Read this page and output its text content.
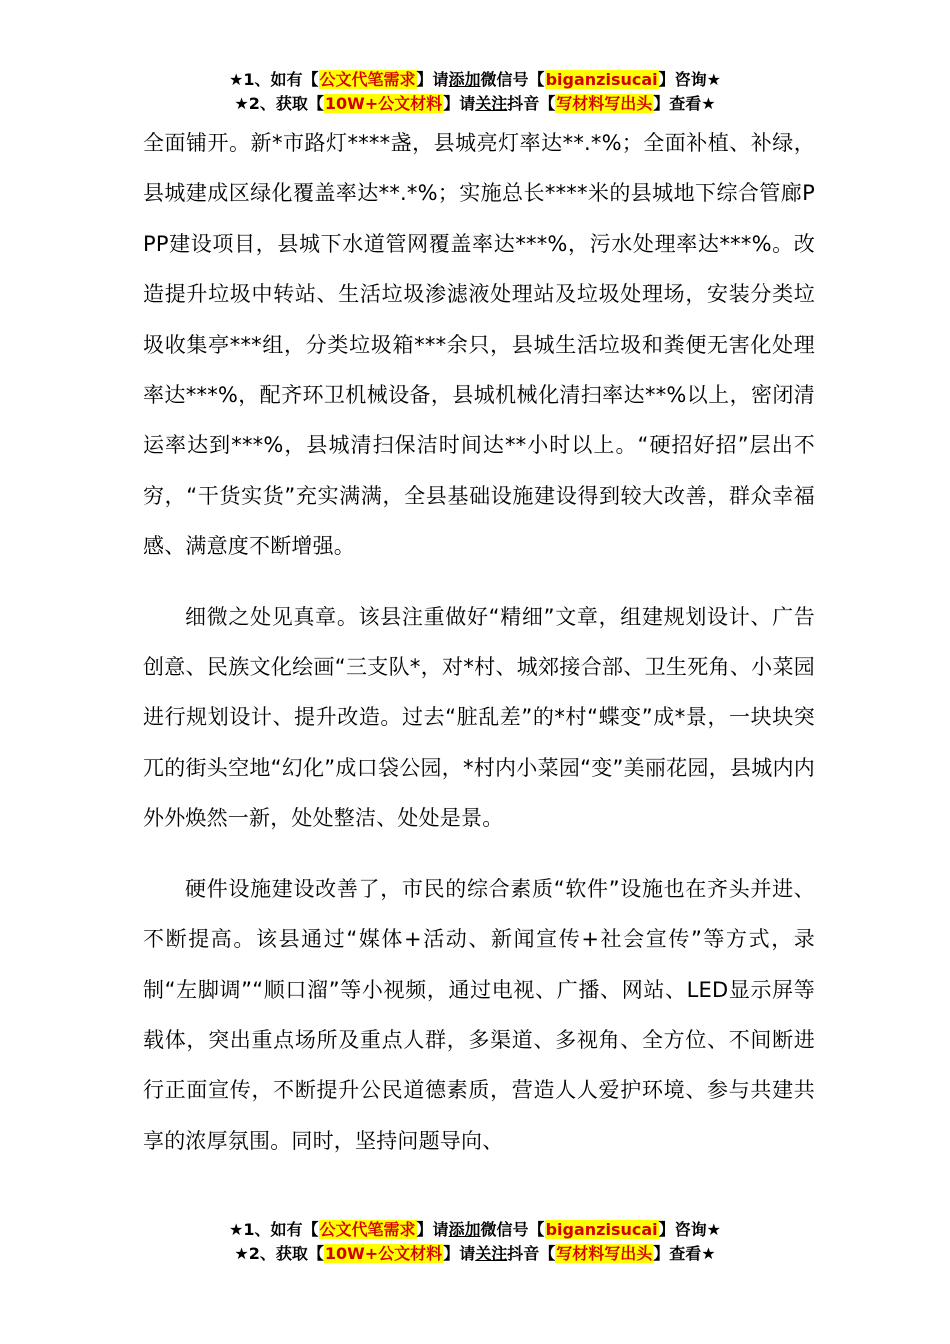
★1、如有【公文代笔需求】请添加微信号【biganzisucai】咨询★
★2、获取【10W+公文材料】请关注抖音【写材料写出头】查看★

全面铺开。新*市路灯****盏，县城亮灯率达**.*%；全面补植、补绿，县城建成区绿化覆盖率达**.*%；实施总长****米的县城地下综合管廊PPP建设项目，县城下水道管网覆盖率达***%，污水处理率达***%。改造提升垃圾中转站、生活垃圾渗滤液处理站及垃圾处理场，安装分类垃圾收集亭***组，分类垃圾箱***余只，县城生活垃圾和粪便无害化处理率达***%，配齐环卫机械设备，县城机械化清扫率达**%以上，密闭清运率达到***%，县城清扫保洁时间达**小时以上。“硬招好招”层出不穷，“干货实货”充实满满，全县基础设施建设得到较大改善，群众幸福感、满意度不断增强。

细微之处见真章。该县注重做好“精细”文章，组建规划设计、广告创意、民族文化绘画“三支队*，对*村、城郊接合部、卫生死角、小菜园进行规划设计、提升改造。过去“脏乱差”的*村“蝶变”成*景，一块块突兀的街头空地“幻化”成口袋公园，*村内小菜园“变”美丽花园，县城内内外外焕然一新，处处整洁、处处是景。

硬件设施建设改善了，市民的综合素质“软件”设施也在齐头并进、不断提高。该县通过“媒体+活动、新闻宣传+社会宣传”等方式，录制“左脚调”“顺口溜”等小视频，通过电视、广播、网站、LED显示屏等载体，突出重点场所及重点人群，多渠道、多视角、全方位、不间断进行正面宣传，不断提升公民道德素质，营造人人爱护环境、参与共建共享的浓厚氛围。同时，坚持问题导向、

★1、如有【公文代笔需求】请添加微信号【biganzisucai】咨询★
★2、获取【10W+公文材料】请关注抖音【写材料写出头】查看★
